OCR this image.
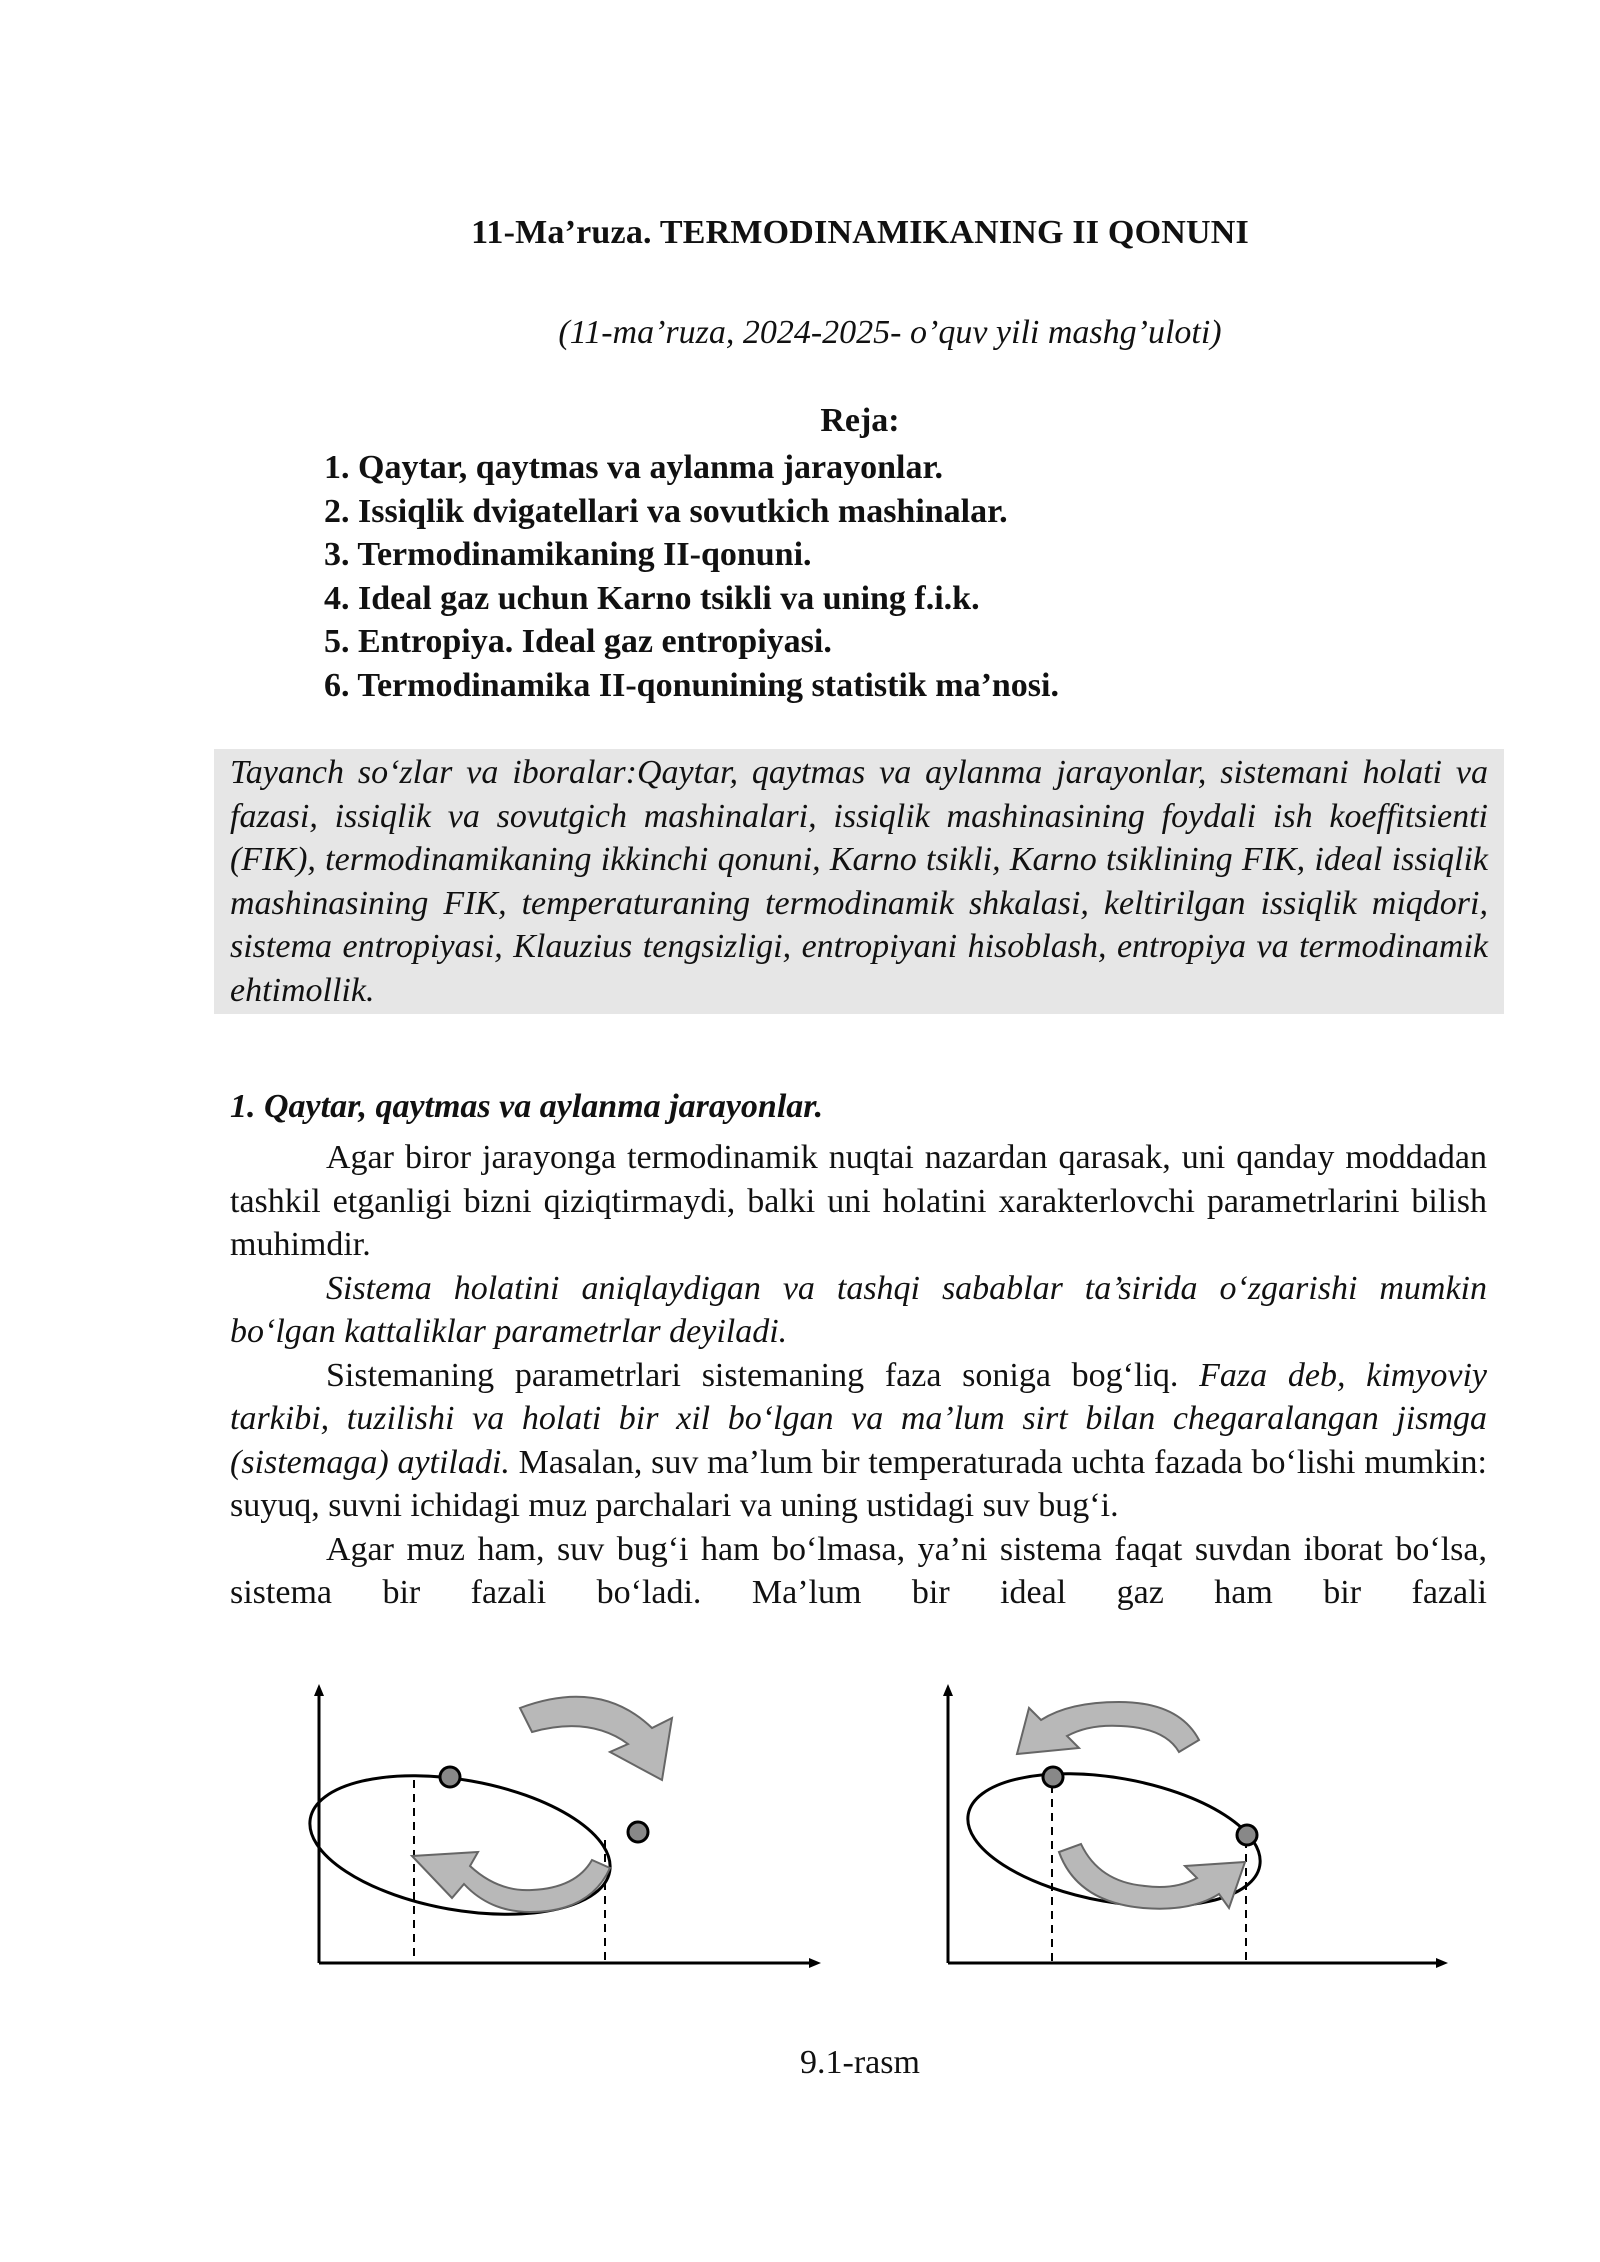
11-Ma’ruza. TERMODINAMIKANING II QONUNI
(11-ma’ruza, 2024-2025- o’quv yili mashg’uloti)
Reja:
1. Qaytar, qaytmas va aylanma jarayonlar.
2. Issiqlik dvigatellari va sovutkich mashinalar.
3. Termodinamikaning II-qonuni.
4. Ideal gaz uchun Karno tsikli va uning f.i.k.
5. Entropiya. Ideal gaz entropiyasi.
6. Termodinamika II-qonunining statistik ma’nosi.
Tayanch so‘zlar va iboralar:Qaytar, qaytmas va aylanma jarayonlar, sistemani holati va fazasi, issiqlik va sovutgich mashinalari, issiqlik mashinasining foydali ish koeffitsienti (FIK), termodinamikaning ikkinchi qonuni, Karno tsikli, Karno tsiklining FIK, ideal issiqlik mashinasining FIK, temperaturaning termodinamik shkalasi, keltirilgan issiqlik miqdori, sistema entropiyasi, Klauzius tengsizligi, entropiyani hisoblash, entropiya va termodinamik ehtimollik.
1. Qaytar, qaytmas va aylanma jarayonlar.

Agar biror jarayonga termodinamik nuqtai nazardan qarasak, uni qanday moddadan tashkil etganligi bizni qiziqtirmaydi, balki uni holatini xarakterlovchi parametrlarini bilish muhimdir.

Sistema holatini aniqlaydigan va tashqi sabablar ta’sirida o‘zgarishi mumkin bo‘lgan kattaliklar parametrlar deyiladi.

Sistemaning parametrlari sistemaning faza soniga bog‘liq. Faza deb, kimyoviy tarkibi, tuzilishi va holati bir xil bo‘lgan va ma’lum sirt bilan chegaralangan jismga (sistemaga) aytiladi. Masalan, suv ma’lum bir temperaturada uchta fazada bo‘lishi mumkin: suyuq, suvni ichidagi muz parchalari va uning ustidagi suv bug‘i.

Agar muz ham, suv bug‘i ham bo‘lmasa, ya’ni sistema faqat suvdan iborat bo‘lsa, sistema bir fazali bo‘ladi. Ma’lum bir ideal gaz ham bir fazali

9.1-rasm
